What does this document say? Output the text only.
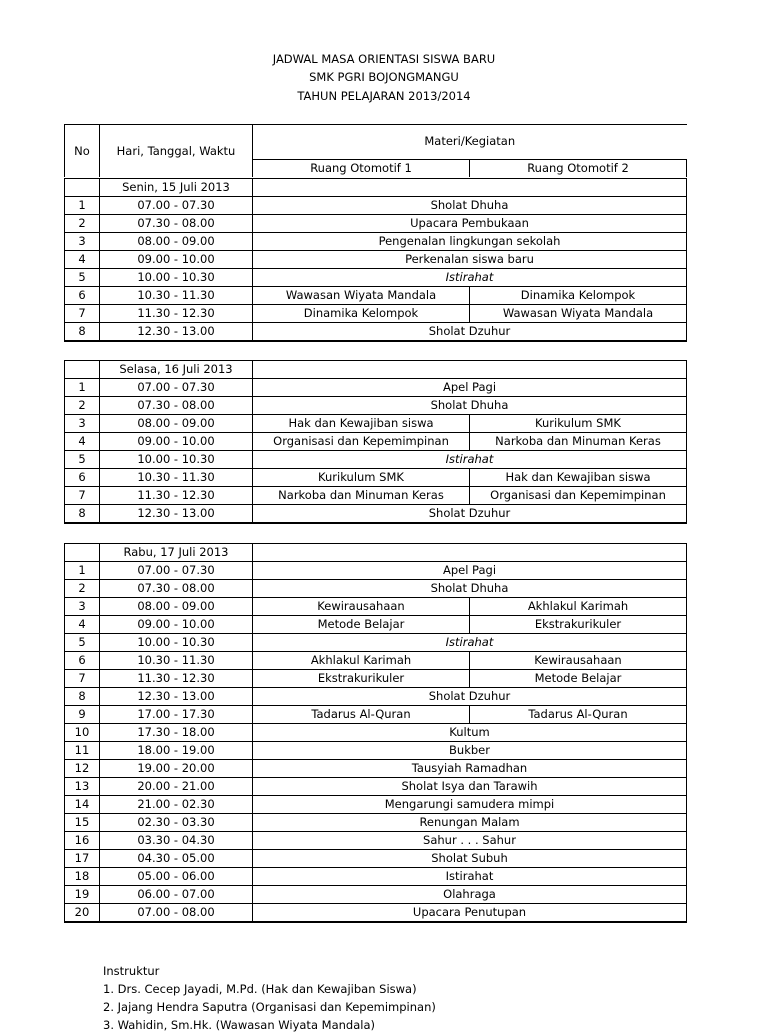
JADWAL MASA ORIENTASI SISWA BARU
SMK PGRI BOJONGMANGU
TAHUN PELAJARAN 2013/2014
No	Hari, Tanggal, Waktu	Materi/Kegiatan	
		Ruang Otomotif 1	Ruang Otomotif 2
	Senin, 15 Juli 2013		
1	07.00 - 07.30	Sholat Dhuha	
2	07.30 - 08.00	Upacara Pembukaan	
3	08.00 - 09.00	Pengenalan lingkungan sekolah	
4	09.00 - 10.00	Perkenalan siswa baru	
5	10.00 - 10.30	Istirahat	
6	10.30 - 11.30	Wawasan Wiyata Mandala	Dinamika Kelompok
7	11.30 - 12.30	Dinamika Kelompok	Wawasan Wiyata Mandala
8	12.30 - 13.00	Sholat Dzuhur	
	Selasa, 16 Juli 2013		
1	07.00 - 07.30	Apel Pagi	
2	07.30 - 08.00	Sholat Dhuha	
3	08.00 - 09.00	Hak dan Kewajiban siswa	Kurikulum SMK
4	09.00 - 10.00	Organisasi dan Kepemimpinan	Narkoba dan Minuman Keras
5	10.00 - 10.30	Istirahat	
6	10.30 - 11.30	Kurikulum SMK	Hak dan Kewajiban siswa
7	11.30 - 12.30	Narkoba dan Minuman Keras	Organisasi dan Kepemimpinan
8	12.30 - 13.00	Sholat Dzuhur	
	Rabu, 17 Juli 2013		
1	07.00 - 07.30	Apel Pagi	
2	07.30 - 08.00	Sholat Dhuha	
3	08.00 - 09.00	Kewirausahaan	Akhlakul Karimah
4	09.00 - 10.00	Metode Belajar	Ekstrakurikuler
5	10.00 - 10.30	Istirahat	
6	10.30 - 11.30	Akhlakul Karimah	Kewirausahaan
7	11.30 - 12.30	Ekstrakurikuler	Metode Belajar
8	12.30 - 13.00	Sholat Dzuhur	
9	17.00 - 17.30	Tadarus Al-Quran	Tadarus Al-Quran
10	17.30 - 18.00	Kultum	
11	18.00 - 19.00	Bukber	
12	19.00 - 20.00	Tausyiah Ramadhan	
13	20.00 - 21.00	Sholat Isya dan Tarawih	
14	21.00 - 02.30	Mengarungi samudera mimpi	
15	02.30 - 03.30	Renungan Malam	
16	03.30 - 04.30	Sahur . . . Sahur	
17	04.30 - 05.00	Sholat Subuh	
18	05.00 - 06.00	Istirahat	
19	06.00 - 07.00	Olahraga	
20	07.00 - 08.00	Upacara Penutupan	
Instruktur
1. Drs. Cecep Jayadi, M.Pd. (Hak dan Kewajiban Siswa)
2. Jajang Hendra Saputra (Organisasi dan Kepemimpinan)
3. Wahidin, Sm.Hk. (Wawasan Wiyata Mandala)
